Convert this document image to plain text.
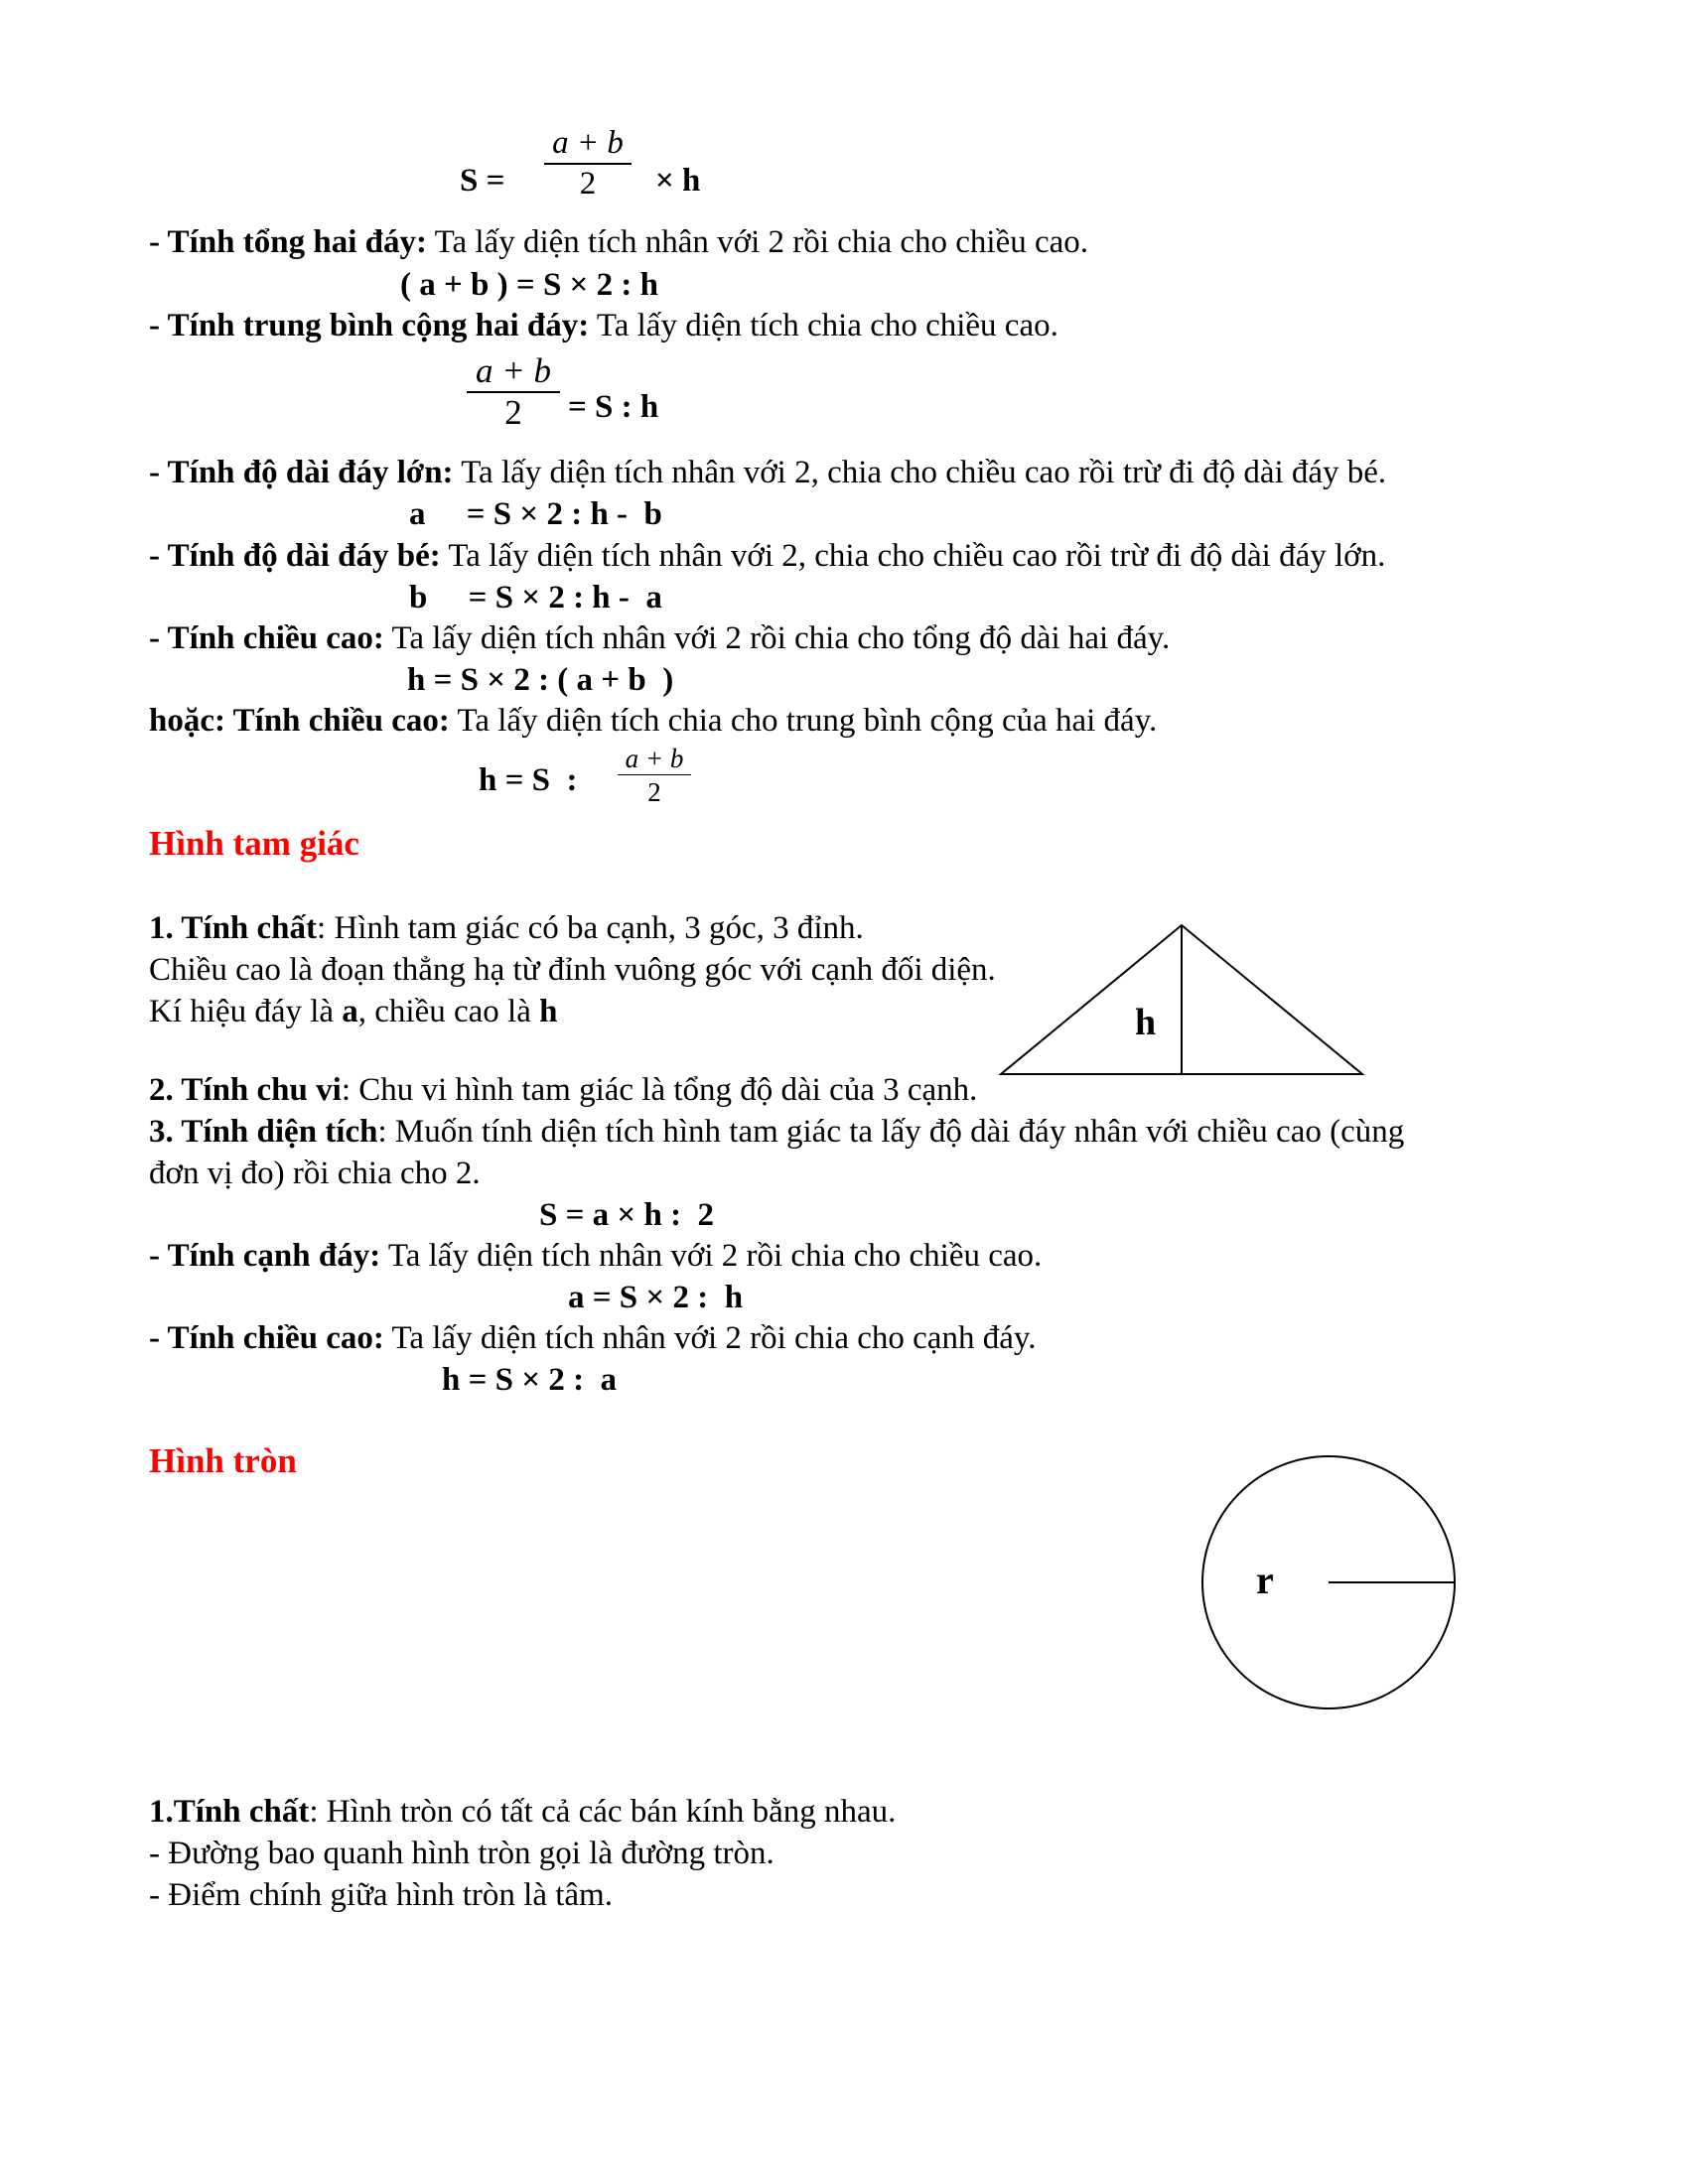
S =
a + b
2	× h
- Tính tổng hai đáy: Ta lấy diện tích nhân với 2 rồi chia cho chiều cao.
( a + b ) = S × 2 : h
- Tính trung bình cộng hai đáy: Ta lấy diện tích chia cho chiều cao.
a + b
2	= S : h
- Tính độ dài đáy lớn: Ta lấy diện tích nhân với 2, chia cho chiều cao rồi trừ đi độ dài đáy bé.
a     = S × 2 : h -  b
- Tính độ dài đáy bé: Ta lấy diện tích nhân với 2, chia cho chiều cao rồi trừ đi độ dài đáy lớn.
b     = S × 2 : h -  a
- Tính chiều cao: Ta lấy diện tích nhân với 2 rồi chia cho tổng độ dài hai đáy.
h = S × 2 : ( a + b  )
hoặc: Tính chiều cao: Ta lấy diện tích chia cho trung bình cộng của hai đáy.
h = S  :
a + b
2
Hình tam giác
1. Tính chất: Hình tam giác có ba cạnh, 3 góc, 3 đỉnh.
Chiều cao là đoạn thẳng hạ từ đỉnh vuông góc với cạnh đối diện.
Kí hiệu đáy là a, chiều cao là h	h
2. Tính chu vi: Chu vi hình tam giác là tổng độ dài của 3 cạnh.
3. Tính diện tích: Muốn tính diện tích hình tam giác ta lấy độ dài đáy nhân với chiều cao (cùng
đơn vị đo) rồi chia cho 2.
S = a × h :  2
- Tính cạnh đáy: Ta lấy diện tích nhân với 2 rồi chia cho chiều cao.
a = S × 2 :  h
- Tính chiều cao: Ta lấy diện tích nhân với 2 rồi chia cho cạnh đáy.
h = S × 2 :  a
Hình tròn
r
1.Tính chất: Hình tròn có tất cả các bán kính bằng nhau.
- Đường bao quanh hình tròn gọi là đường tròn.
- Điểm chính giữa hình tròn là tâm.
